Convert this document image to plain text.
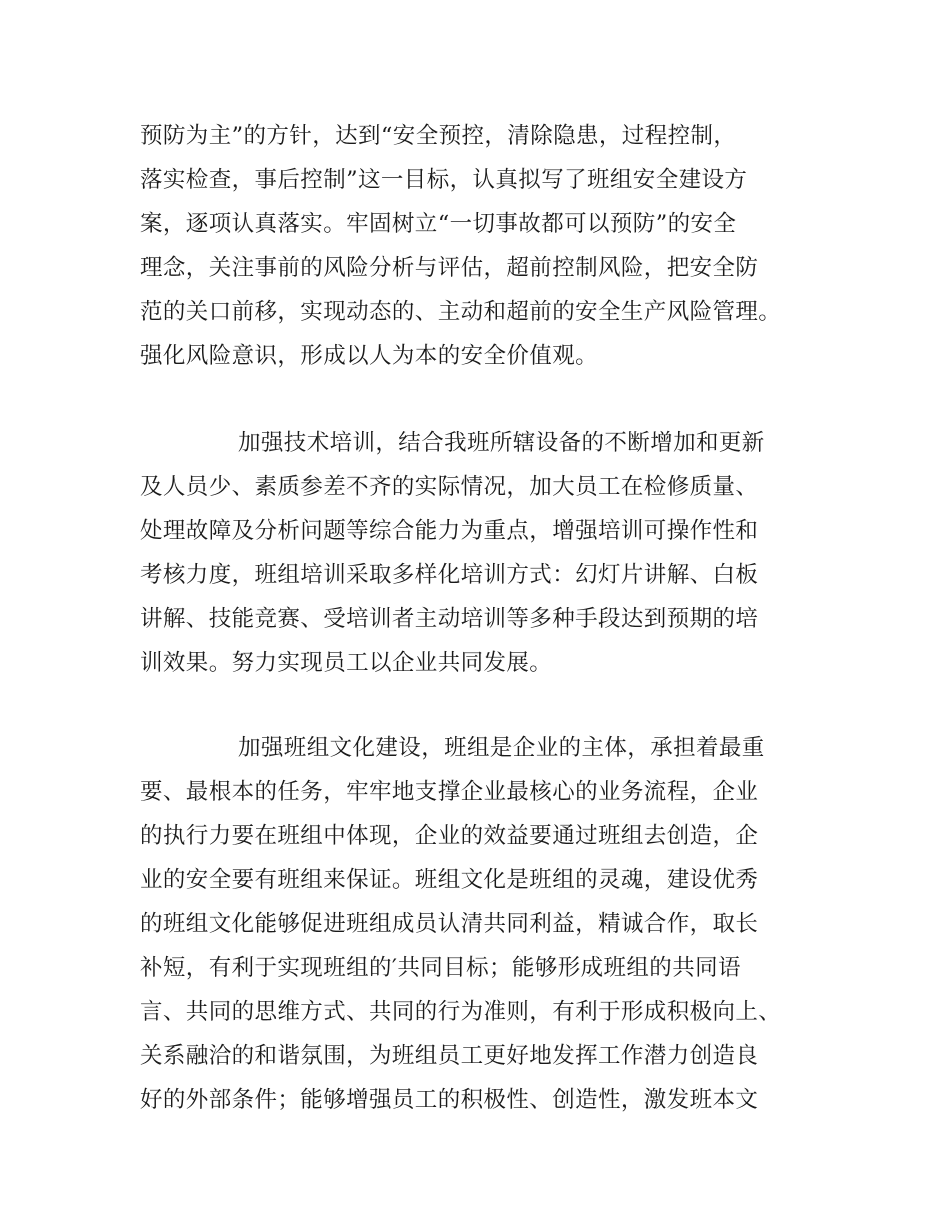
预防为主”的方针，达到“安全预控，清除隐患，过程控制，

落实检查，事后控制”这一目标，认真拟写了班组安全建设方

案，逐项认真落实。牢固树立“一切事故都可以预防”的安全

理念，关注事前的风险分析与评估，超前控制风险，把安全防

范的关口前移，实现动态的、主动和超前的安全生产风险管理。

强化风险意识，形成以人为本的安全价值观。

加强技术培训，结合我班所辖设备的不断增加和更新

及人员少、素质参差不齐的实际情况，加大员工在检修质量、

处理故障及分析问题等综合能力为重点，增强培训可操作性和

考核力度，班组培训采取多样化培训方式：幻灯片讲解、白板

讲解、技能竞赛、受培训者主动培训等多种手段达到预期的培

训效果。努力实现员工以企业共同发展。

加强班组文化建设，班组是企业的主体，承担着最重

要、最根本的任务，牢牢地支撑企业最核心的业务流程，企业

的执行力要在班组中体现，企业的效益要通过班组去创造，企

业的安全要有班组来保证。班组文化是班组的灵魂，建设优秀

的班组文化能够促进班组成员认清共同利益，精诚合作，取长

补短，有利于实现班组的′共同目标；能够形成班组的共同语

言、共同的思维方式、共同的行为准则，有利于形成积极向上、

关系融洽的和谐氛围，为班组员工更好地发挥工作潜力创造良

好的外部条件；能够增强员工的积极性、创造性，激发班本文
